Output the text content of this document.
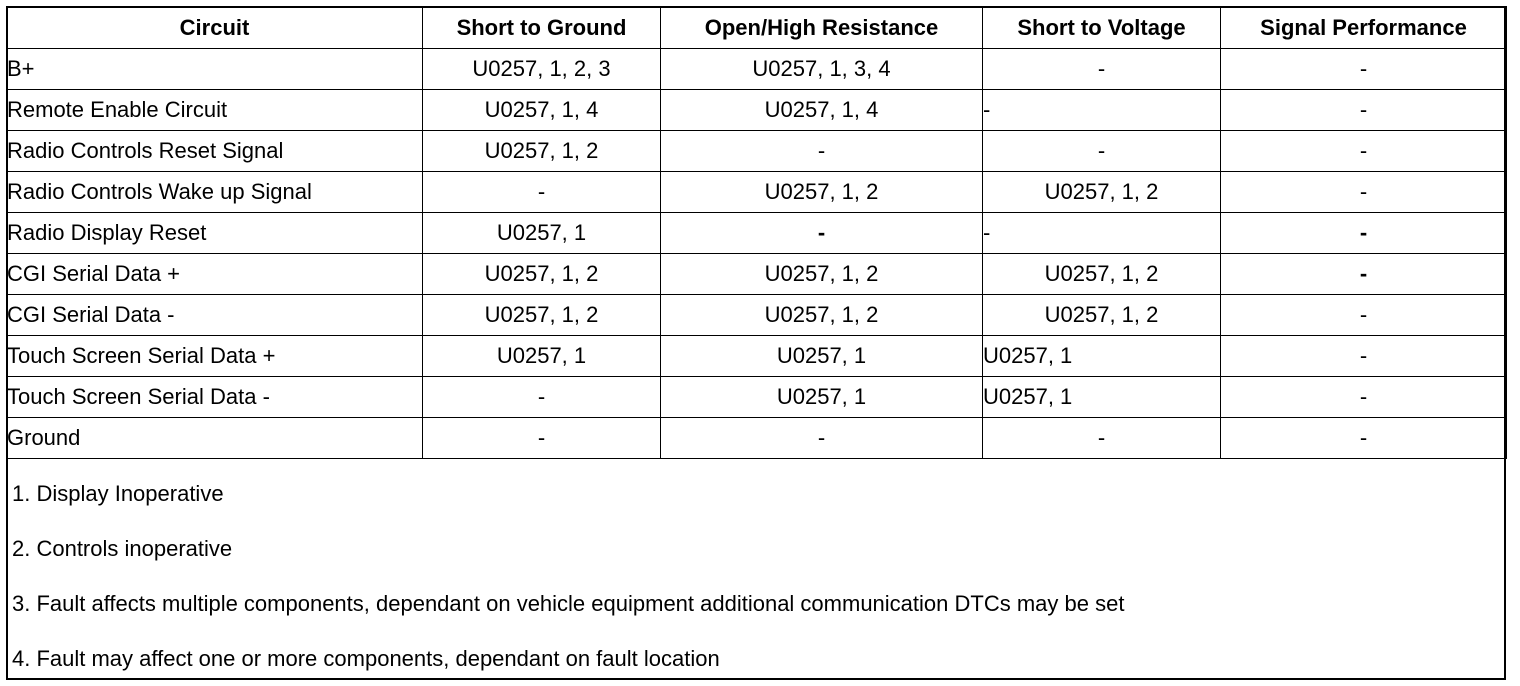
Circuit	Short to Ground	Open/High Resistance	Short to Voltage	Signal Performance
B+	U0257, 1, 2, 3	U0257, 1, 3, 4	-	-
Remote Enable Circuit	U0257, 1, 4	U0257, 1, 4	-	-
Radio Controls Reset Signal	U0257, 1, 2	-	-	-
Radio Controls Wake up Signal	-	U0257, 1, 2	U0257, 1, 2	-
Radio Display Reset	U0257, 1	-	-	-
CGI Serial Data +	U0257, 1, 2	U0257, 1, 2	U0257, 1, 2	-
CGI Serial Data -	U0257, 1, 2	U0257, 1, 2	U0257, 1, 2	-
Touch Screen Serial Data +	U0257, 1	U0257, 1	U0257, 1	-
Touch Screen Serial Data -	-	U0257, 1	U0257, 1	-
Ground	-	-	-	-
1. Display Inoperative
2. Controls inoperative
3. Fault affects multiple components, dependant on vehicle equipment additional communication DTCs may be set
4. Fault may affect one or more components, dependant on fault location
